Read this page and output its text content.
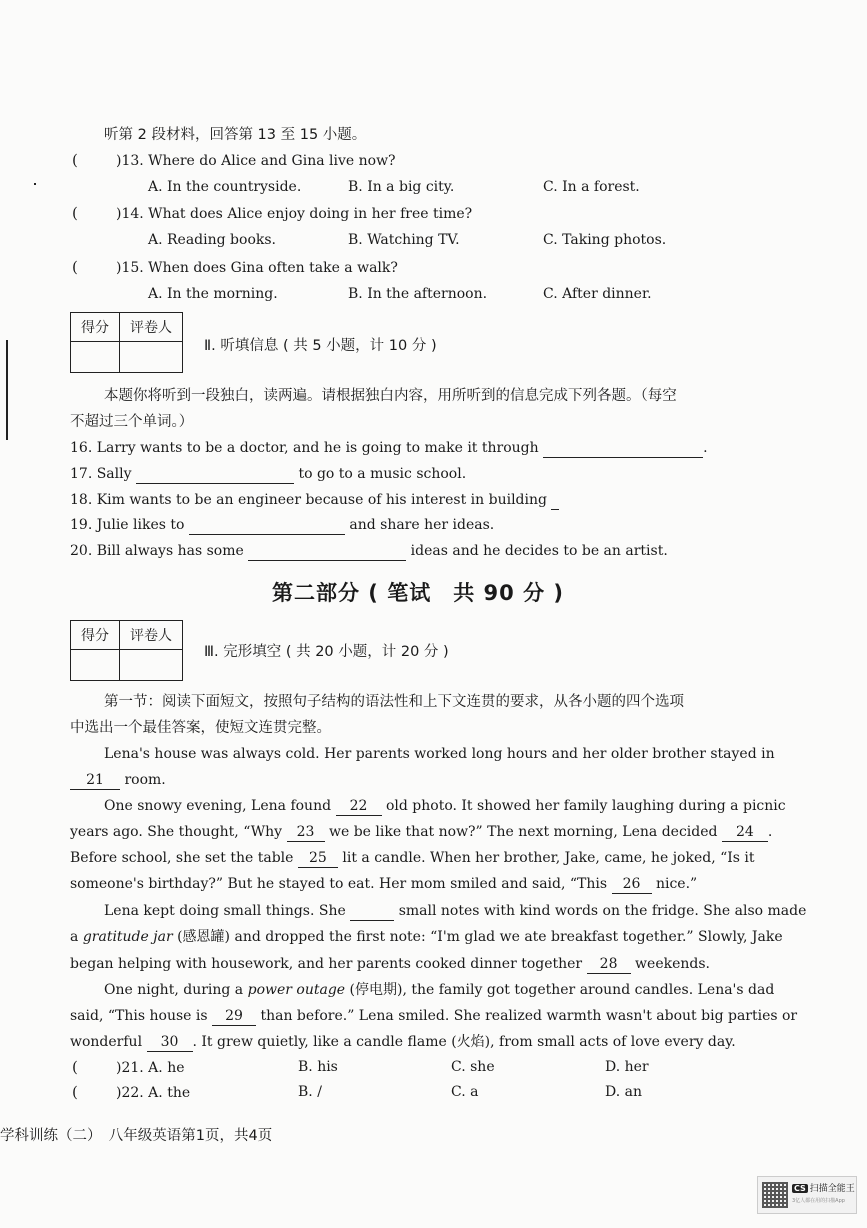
听第 2 段材料，回答第 13 至 15 小题。
(	)13. Where do Alice and Gina live now?
A. In the countryside.	B. In a big city.	C. In a forest.
(	)14. What does Alice enjoy doing in her free time?
A. Reading books.	B. Watching TV.	C. Taking photos.
(	)15. When does Gina often take a walk?
A. In the morning.	B. In the afternoon.	C. After dinner.
得分	评卷人

Ⅱ. 听填信息 ( 共 5 小题，计 10 分 )
本题你将听到一段独白，读两遍。请根据独白内容，用所听到的信息完成下列各题。（每空
不超过三个单词。）
16. Larry wants to be a doctor, and he is going to make it through	.
17. Sally	to go to a music school.
18. Kim wants to be an engineer because of his interest in building
19. Julie likes to	and share her ideas.
20. Bill always has some	ideas and he decides to be an artist.
第二部分 ( 笔试　共 90 分 )
得分	评卷人

Ⅲ. 完形填空 ( 共 20 小题，计 20 分 )
第一节：阅读下面短文，按照句子结构的语法性和上下文连贯的要求，从各小题的四个选项
中选出一个最佳答案，使短文连贯完整。
Lena's house was always cold. Her parents worked long hours and her older brother stayed in
21 room.
One snowy evening, Lena found 22 old photo. It showed her family laughing during a picnic
years ago. She thought, “Why 23 we be like that now?” The next morning, Lena decided 24 .
Before school, she set the table 25 lit a candle. When her brother, Jake, came, he joked, “Is it
someone's birthday?” But he stayed to eat. Her mom smiled and said, “This 26 nice.”
Lena kept doing small things. She	small notes with kind words on the fridge. She also made
a gratitude jar (感恩罐) and dropped the first note: “I'm glad we ate breakfast together.” Slowly, Jake
began helping with housework, and her parents cooked dinner together 28 weekends.
One night, during a power outage (停电期), the family got together around candles. Lena's dad
said, “This house is 29 than before.” Lena smiled. She realized warmth wasn't about big parties or
wonderful 30 . It grew quietly, like a candle flame (火焰), from small acts of love every day.
(	)21. A. he	B. his	C. she	D. her
(	)22. A. the	B. /	C. a	D. an
学科训练（二）　八年级英语第1页，共4页
CS 扫描全能王
3亿人都在用的扫描App
